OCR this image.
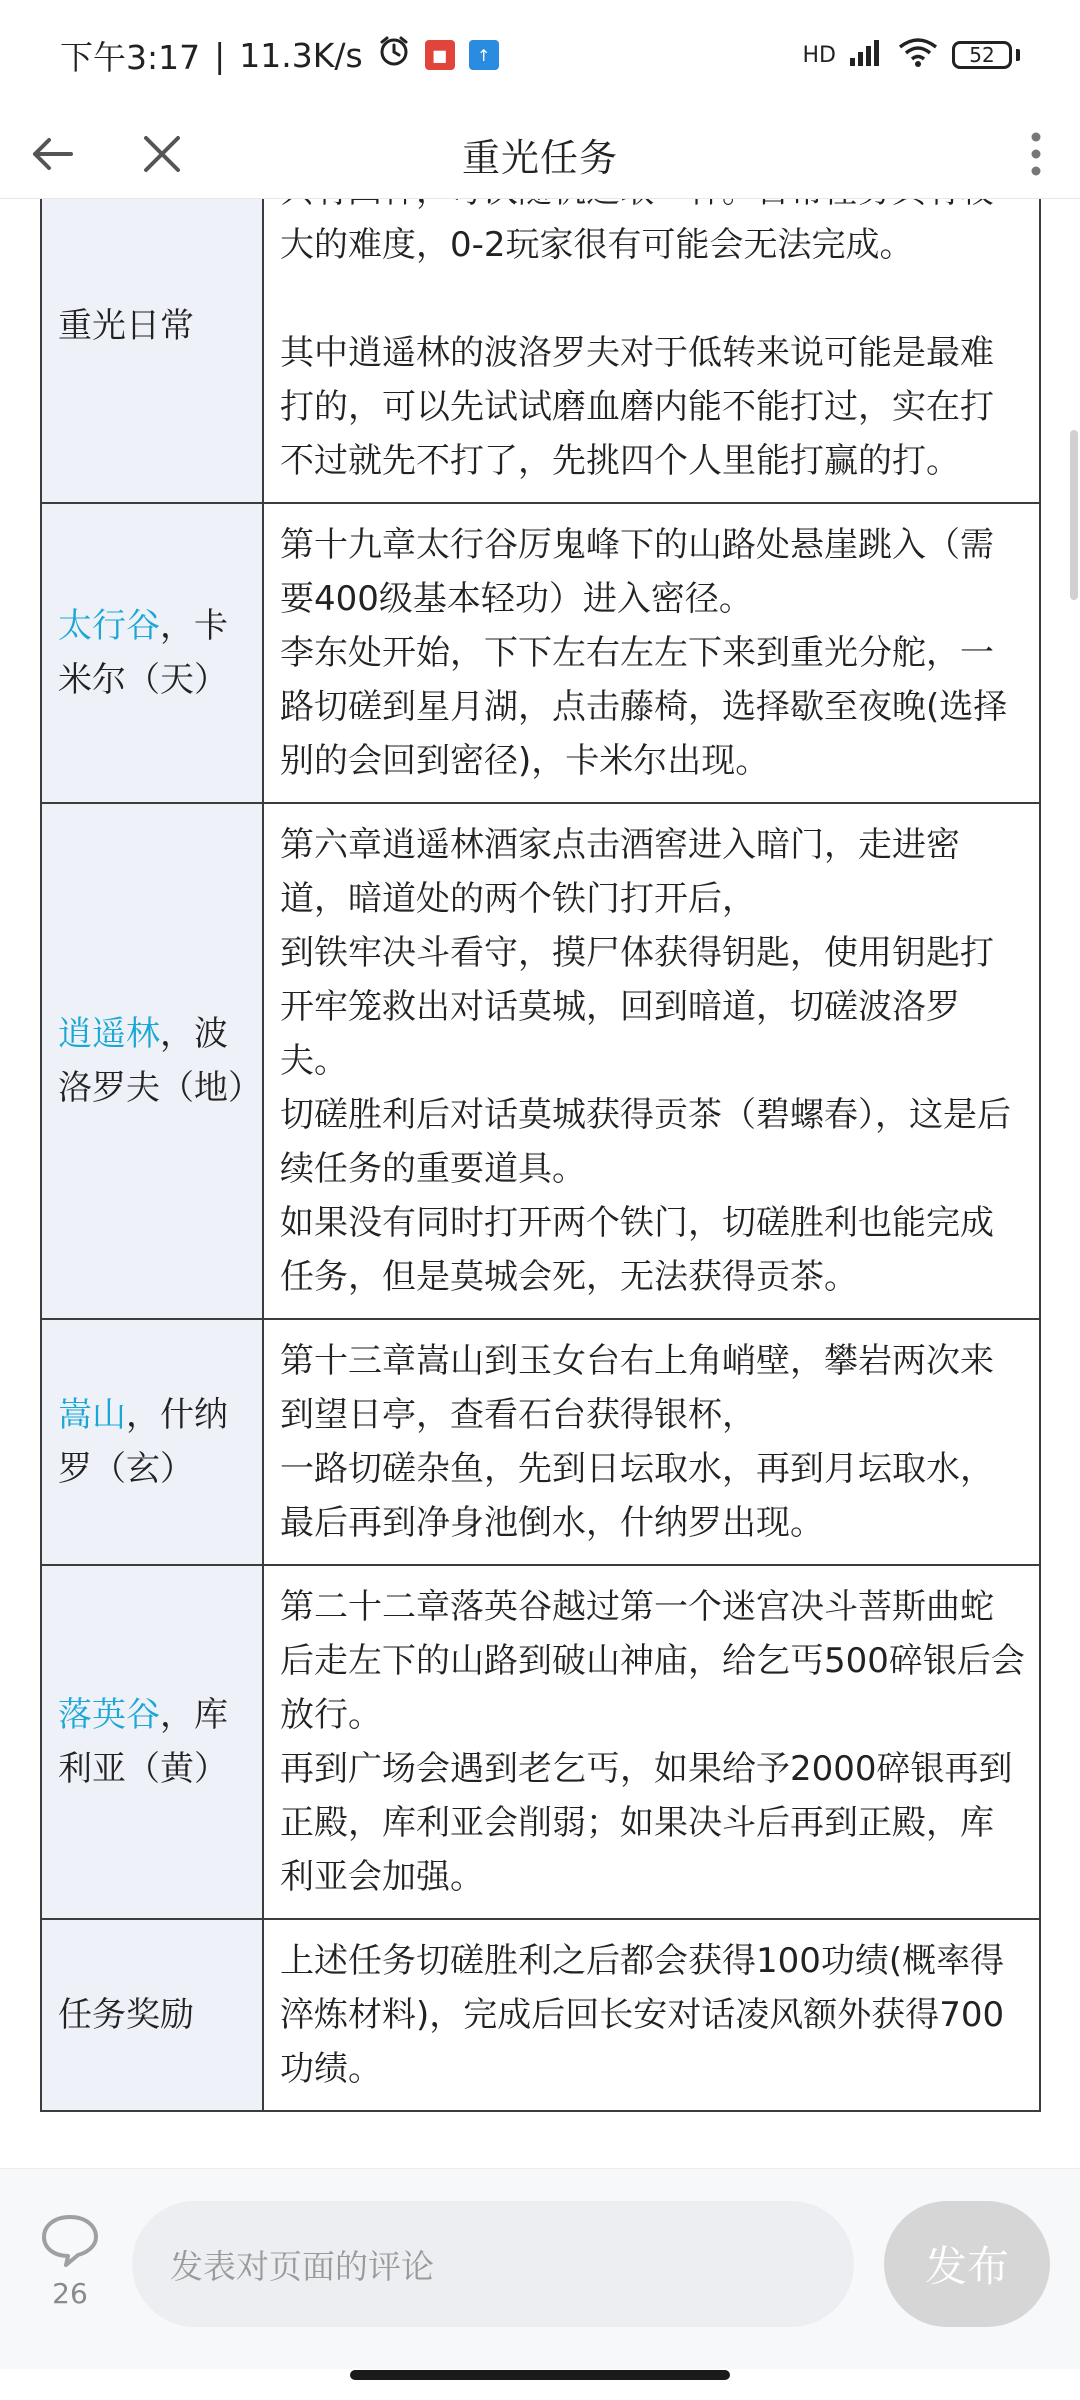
下午3:17 | 11.3K/s	■	↑	HD	52
重光任务
重光日常	大的难度，0-2玩家很有可能会无法完成。
其中逍遥林的波洛罗夫对于低转来说可能是最难打的，可以先试试磨血磨内能不能打过，实在打不过就先不打了，先挑四个人里能打赢的打。

太行谷，卡米尔（天）	第十九章太行谷厉鬼峰下的山路处悬崖跳入（需要400级基本轻功）进入密径。
李东处开始，下下左右左左下来到重光分舵，一路切磋到星月湖，点击藤椅，选择歇至夜晚(选择别的会回到密径)，卡米尔出现。

逍遥林，波洛罗夫（地）	第六章逍遥林酒家点击酒窖进入暗门，走进密道，暗道处的两个铁门打开后，
到铁牢决斗看守，摸尸体获得钥匙，使用钥匙打开牢笼救出对话莫城，回到暗道，切磋波洛罗夫。
切磋胜利后对话莫城获得贡茶（碧螺春），这是后续任务的重要道具。
如果没有同时打开两个铁门，切磋胜利也能完成任务，但是莫城会死，无法获得贡茶。

嵩山，什纳罗（玄）	第十三章嵩山到玉女台右上角峭壁，攀岩两次来到望日亭，查看石台获得银杯，
一路切磋杂鱼，先到日坛取水，再到月坛取水，最后再到净身池倒水，什纳罗出现。

落英谷，库利亚（黄）	第二十二章落英谷越过第一个迷宫决斗菩斯曲蛇后走左下的山路到破山神庙，给乞丐500碎银后会放行。
再到广场会遇到老乞丐，如果给予2000碎银再到正殿，库利亚会削弱；如果决斗后再到正殿，库利亚会加强。

任务奖励	上述任务切磋胜利之后都会获得100功绩(概率得淬炼材料)，完成后回长安对话凌风额外获得700功绩。
26
发表对页面的评论	发布
